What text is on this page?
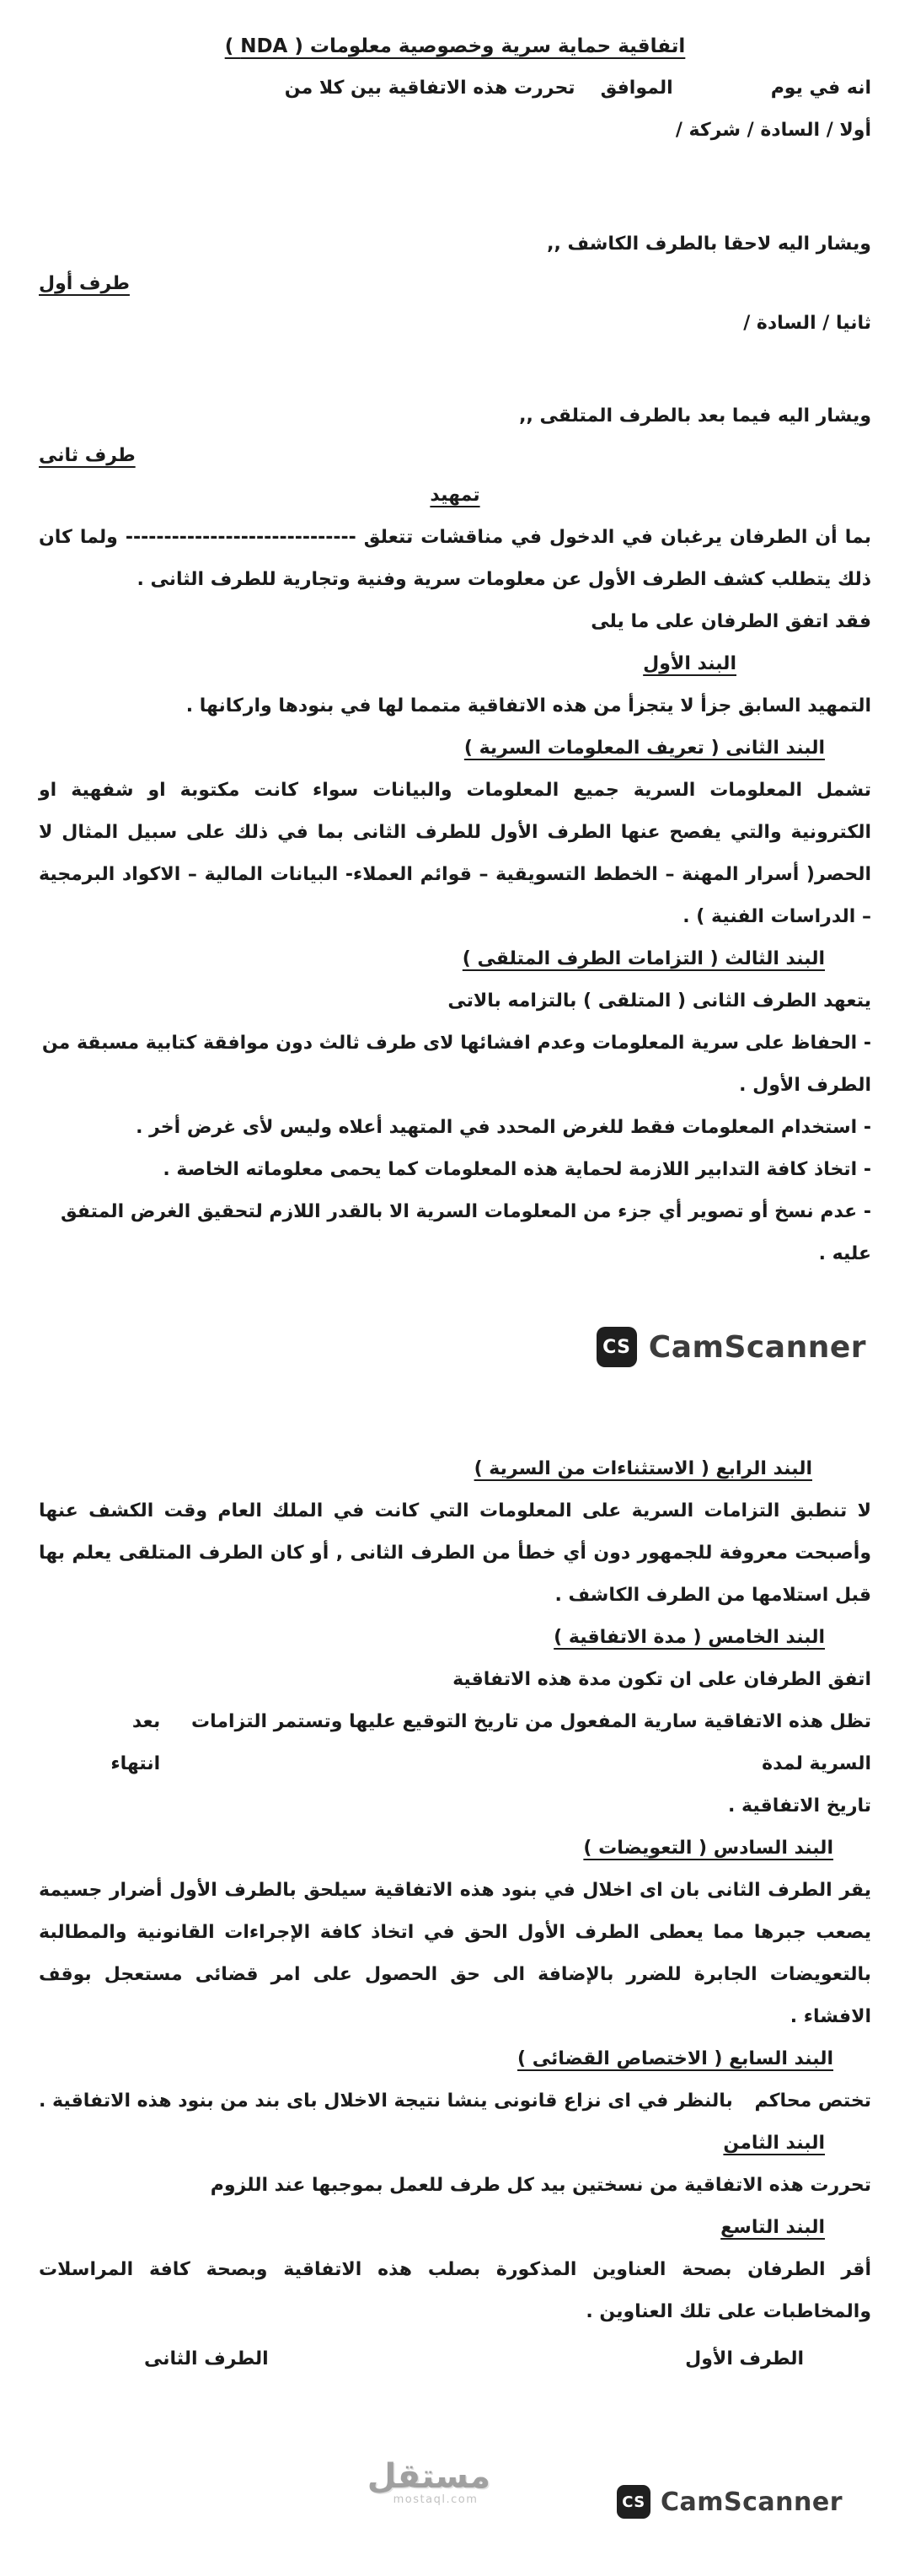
اتفاقية حماية سرية وخصوصية معلومات ( NDA )
انه في يوم
الموافق
تحررت هذه الاتفاقية بين كلا من
أولا / السادة / شركة /
ويشار اليه لاحقا بالطرف الكاشف ,,
طرف أول
ثانيا / السادة /
ويشار اليه فيما بعد بالطرف المتلقى ,,
طرف ثانى
تمهيد
بما أن الطرفان يرغبان في الدخول في مناقشات تتعلق ------------------------------ ولما كان ذلك يتطلب كشف الطرف الأول عن معلومات سرية وفنية وتجارية للطرف الثانى .
فقد اتفق الطرفان على ما يلى
البند الأول
التمهيد السابق جزأ لا يتجزأ من هذه الاتفاقية متمما لها في بنودها واركانها .
البند الثانى ( تعريف المعلومات السرية )
تشمل المعلومات السرية جميع المعلومات والبيانات سواء كانت مكتوبة او شفهية او الكترونية والتي يفصح عنها الطرف الأول للطرف الثانى بما في ذلك على سبيل المثال لا الحصر( أسرار المهنة – الخطط التسويقية – قوائم العملاء- البيانات المالية – الاكواد البرمجية – الدراسات الفنية ) .
البند الثالث ( التزامات الطرف المتلقى )
يتعهد الطرف الثانى ( المتلقى ) بالتزامه بالاتى
- الحفاظ على سرية المعلومات وعدم افشائها لاى طرف ثالث دون موافقة كتابية مسبقة من الطرف الأول .
- استخدام المعلومات فقط للغرض المحدد في المتهيد أعلاه وليس لأى غرض أخر .
- اتخاذ كافة التدابير اللازمة لحماية هذه المعلومات كما يحمى معلوماته الخاصة .
- عدم نسخ أو تصوير أي جزء من المعلومات السرية الا بالقدر اللازم لتحقيق الغرض المتفق عليه .
CS CamScanner
البند الرابع ( الاستثناءات من السرية )
لا تنطبق التزامات السرية على المعلومات التي كانت في الملك العام وقت الكشف عنها وأصبحت معروفة للجمهور دون أي خطأ من الطرف الثانى , أو كان الطرف المتلقى يعلم بها قبل استلامها من الطرف الكاشف .
البند الخامس ( مدة الاتفاقية )
اتفق الطرفان على ان تكون مدة هذه الاتفاقية
تظل هذه الاتفاقية سارية المفعول من تاريخ التوقيع عليها وتستمر التزامات السرية لمدة
بعد انتهاء
تاريخ الاتفاقية .
البند السادس ( التعويضات )
يقر الطرف الثانى بان اى اخلال في بنود هذه الاتفاقية سيلحق بالطرف الأول أضرار جسيمة يصعب جبرها مما يعطى الطرف الأول الحق في اتخاذ كافة الإجراءات القانونية والمطالبة بالتعويضات الجابرة للضرر بالإضافة الى حق الحصول على امر قضائى مستعجل بوقف الافشاء .
البند السابع ( الاختصاص القضائى )
تختص محاكم
بالنظر في اى نزاع قانونى ينشا نتيجة الاخلال باى بند من بنود هذه الاتفاقية .
البند الثامن
تحررت هذه الاتفاقية من نسختين بيد كل طرف للعمل بموجبها عند اللزوم
البند التاسع
أقر الطرفان بصحة العناوين المذكورة بصلب هذه الاتفاقية وبصحة كافة المراسلات والمخاطبات على تلك العناوين .
الطرف الأول
الطرف الثانى
مستقل
mostaql.com	CS CamScanner
